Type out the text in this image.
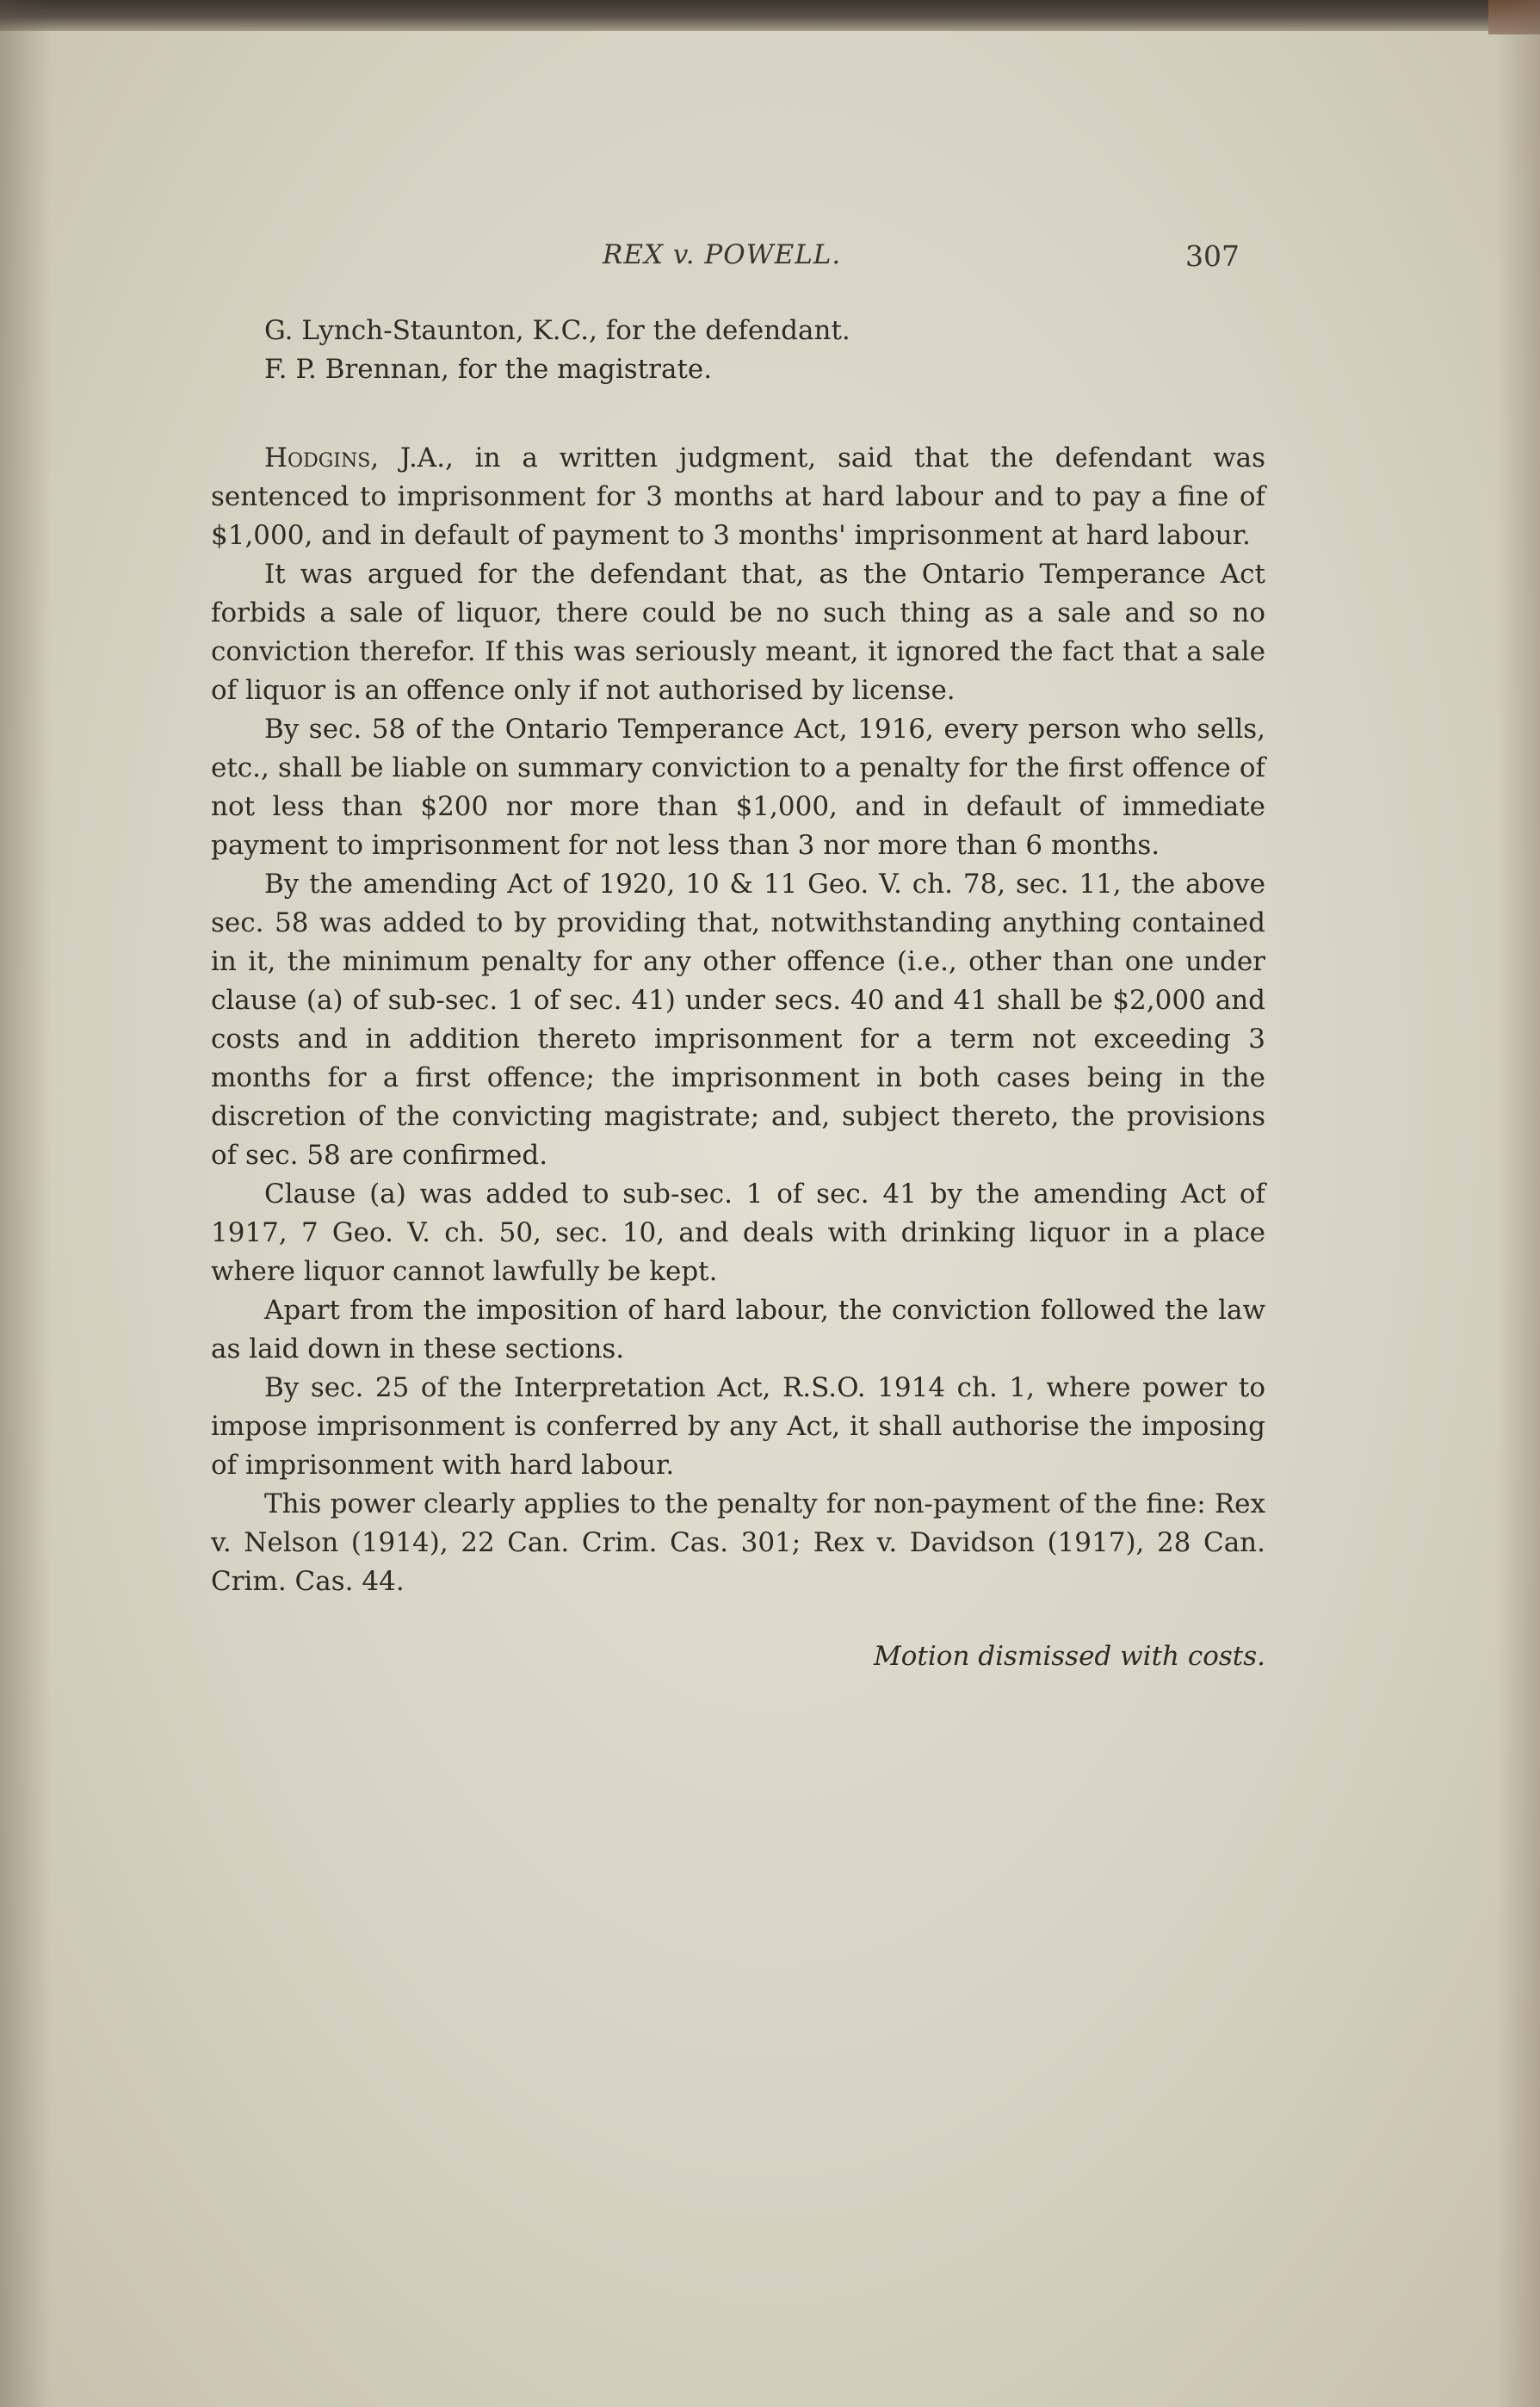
REX v. POWELL.	307

G. Lynch-Staunton, K.C., for the defendant.

F. P. Brennan, for the magistrate.

Hodgins, J.A., in a written judgment, said that the defendant was sentenced to imprisonment for 3 months at hard labour and to pay a fine of $1,000, and in default of payment to 3 months' imprisonment at hard labour.

It was argued for the defendant that, as the Ontario Temperance Act forbids a sale of liquor, there could be no such thing as a sale and so no conviction therefor. If this was seriously meant, it ignored the fact that a sale of liquor is an offence only if not authorised by license.

By sec. 58 of the Ontario Temperance Act, 1916, every person who sells, etc., shall be liable on summary conviction to a penalty for the first offence of not less than $200 nor more than $1,000, and in default of immediate payment to imprisonment for not less than 3 nor more than 6 months.

By the amending Act of 1920, 10 & 11 Geo. V. ch. 78, sec. 11, the above sec. 58 was added to by providing that, notwithstanding anything contained in it, the minimum penalty for any other offence (i.e., other than one under clause (a) of sub-sec. 1 of sec. 41) under secs. 40 and 41 shall be $2,000 and costs and in addition thereto imprisonment for a term not exceeding 3 months for a first offence; the imprisonment in both cases being in the discretion of the convicting magistrate; and, subject thereto, the provisions of sec. 58 are confirmed.

Clause (a) was added to sub-sec. 1 of sec. 41 by the amending Act of 1917, 7 Geo. V. ch. 50, sec. 10, and deals with drinking liquor in a place where liquor cannot lawfully be kept.

Apart from the imposition of hard labour, the conviction followed the law as laid down in these sections.

By sec. 25 of the Interpretation Act, R.S.O. 1914 ch. 1, where power to impose imprisonment is conferred by any Act, it shall authorise the imposing of imprisonment with hard labour.

This power clearly applies to the penalty for non-payment of the fine: Rex v. Nelson (1914), 22 Can. Crim. Cas. 301; Rex v. Davidson (1917), 28 Can. Crim. Cas. 44.

Motion dismissed with costs.
